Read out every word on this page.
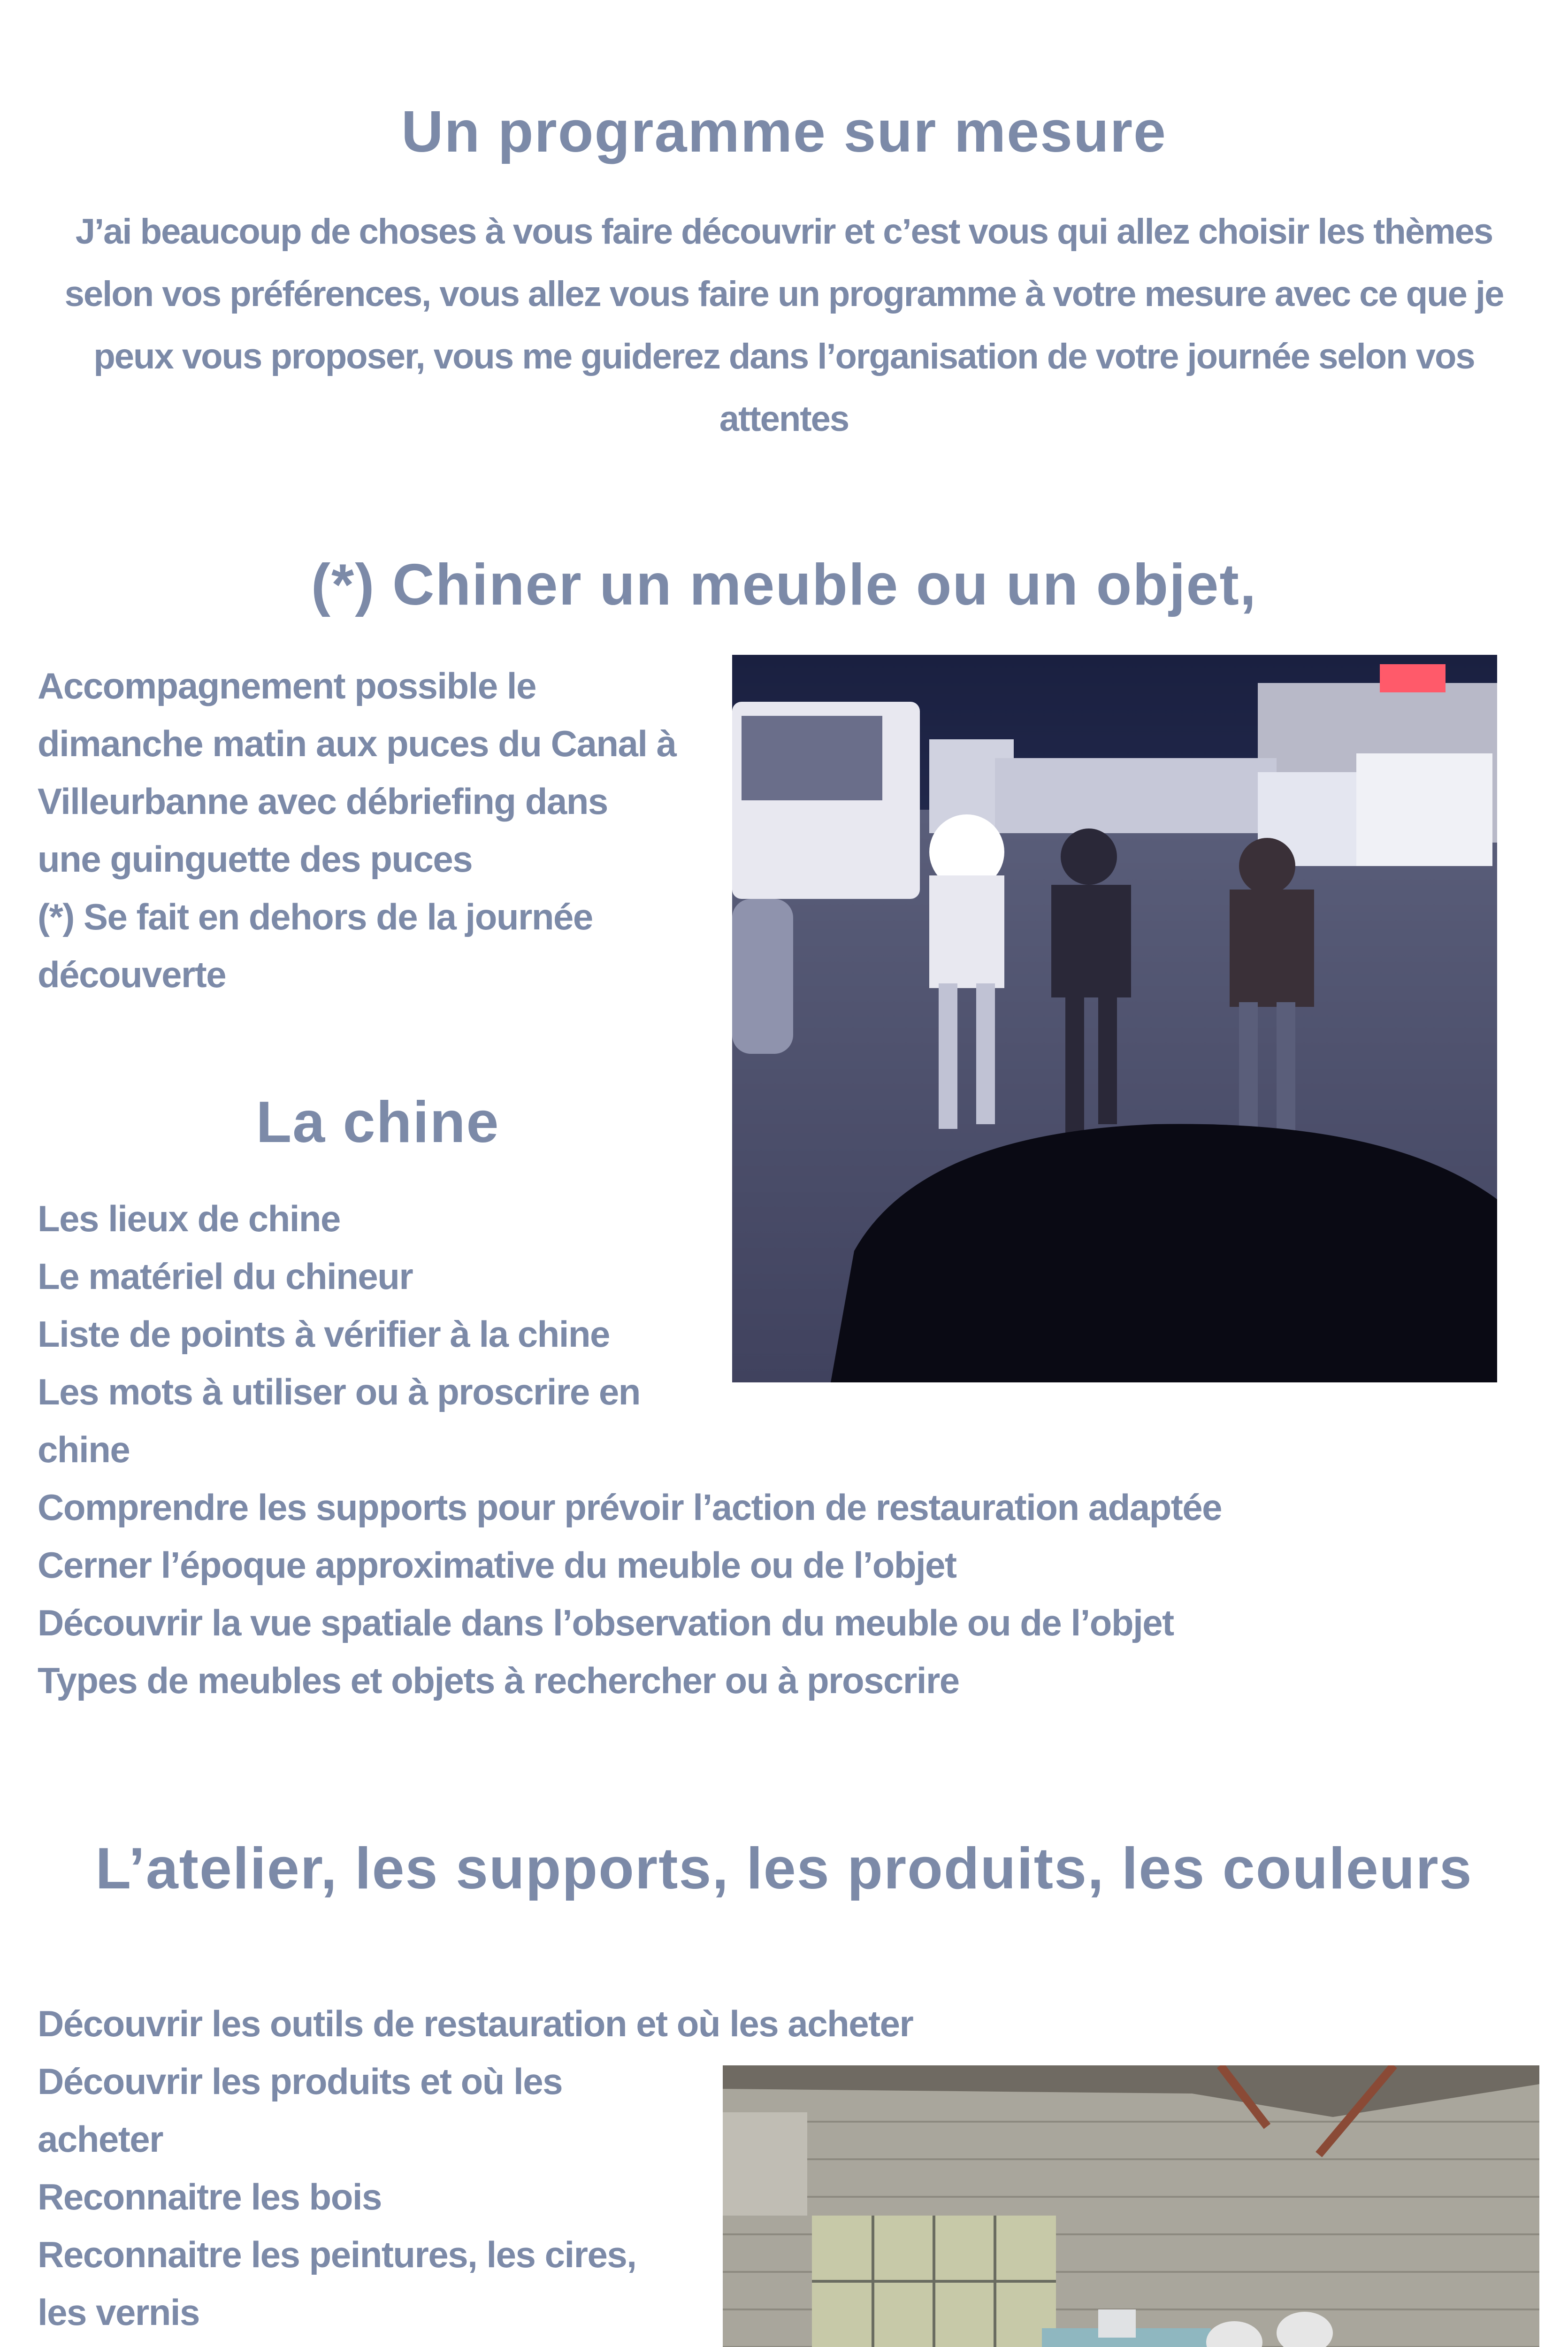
Un programme sur mesure
J’ai beaucoup de choses à vous faire découvrir et c’est vous qui allez choisir les thèmes selon vos préférences, vous allez vous faire un programme à votre mesure avec ce que je peux vous proposer, vous me guiderez dans l’organisation de votre journée selon vos attentes
(*) Chiner un meuble ou un objet,
Accompagnement possible le
dimanche matin aux puces du Canal à
Villeurbanne avec débriefing dans
une guinguette des puces
(*) Se fait en dehors de la journée
découverte
La chine
Les lieux de chine
Le matériel du chineur
Liste de points à vérifier à la chine
Les mots à utiliser ou à proscrire en
chine
Comprendre les supports pour prévoir l’action de restauration adaptée
Cerner l’époque approximative du meuble ou de l’objet
Découvrir la vue spatiale dans l’observation du meuble ou de l’objet
Types de meubles et objets à rechercher ou à proscrire
L’atelier, les supports, les produits, les couleurs
Découvrir les outils de restauration et où les acheter
Découvrir les produits et où les
acheter
Reconnaitre les bois
Reconnaitre les peintures, les cires,
les vernis
